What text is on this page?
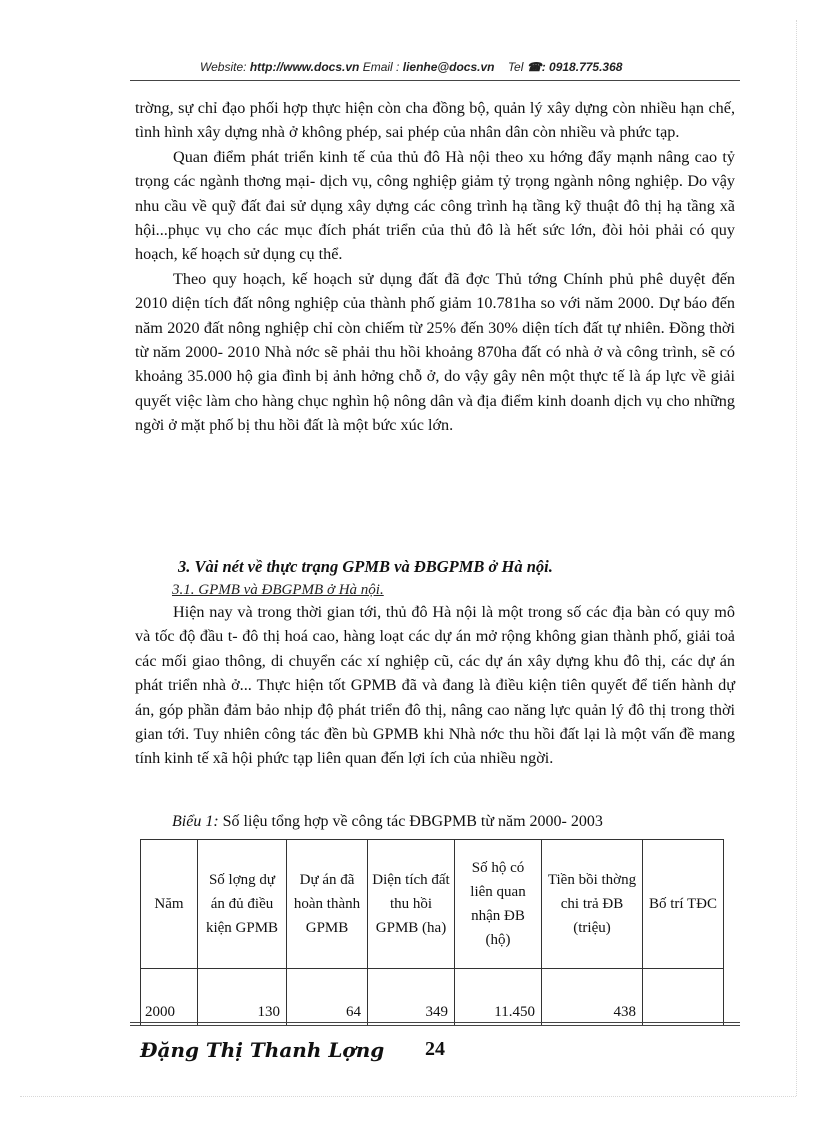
Website: http://www.docs.vn Email : lienhe@docs.vn Tel ☎: 0918.775.368

trờng, sự chỉ đạo phối hợp thực hiện còn cha đồng bộ, quản lý xây dựng còn nhiều hạn chế, tình hình xây dựng nhà ở không phép, sai phép của nhân dân còn nhiều và phức tạp.

Quan điểm phát triển kinh tế của thủ đô Hà nội theo xu hớng đẩy mạnh nâng cao tỷ trọng các ngành thơng mại- dịch vụ, công nghiệp giảm tỷ trọng ngành nông nghiệp. Do vậy nhu cầu về quỹ đất đai sử dụng xây dựng các công trình hạ tầng kỹ thuật đô thị hạ tầng xã hội...phục vụ cho các mục đích phát triển của thủ đô là hết sức lớn, đòi hỏi phải có quy hoạch, kế hoạch sử dụng cụ thể.

Theo quy hoạch, kế hoạch sử dụng đất đã đợc Thủ tớng Chính phủ phê duyệt đến 2010 diện tích đất nông nghiệp của thành phố giảm 10.781ha so với năm 2000. Dự báo đến năm 2020 đất nông nghiệp chỉ còn chiếm từ 25% đến 30% diện tích đất tự nhiên. Đồng thời từ năm 2000- 2010 Nhà nớc sẽ phải thu hồi khoảng 870ha đất có nhà ở và công trình, sẽ có khoảng 35.000 hộ gia đình bị ảnh hởng chỗ ở, do vậy gây nên một thực tế là áp lực về giải quyết việc làm cho hàng chục nghìn hộ nông dân và địa điểm kinh doanh dịch vụ cho những ngời ở mặt phố bị thu hồi đất là một bức xúc lớn.

3. Vài nét về thực trạng GPMB và ĐBGPMB ở Hà nội.
3.1. GPMB và ĐBGPMB ở Hà nội.

Hiện nay và trong thời gian tới, thủ đô Hà nội là một trong số các địa bàn có quy mô và tốc độ đầu t- đô thị hoá cao, hàng loạt các dự án mở rộng không gian thành phố, giải toả các mối giao thông, di chuyển các xí nghiệp cũ, các dự án xây dựng khu đô thị, các dự án phát triển nhà ở... Thực hiện tốt GPMB đã và đang là điều kiện tiên quyết để tiến hành dự án, góp phần đảm bảo nhịp độ phát triển đô thị, nâng cao năng lực quản lý đô thị trong thời gian tới. Tuy nhiên công tác đền bù GPMB khi Nhà nớc thu hồi đất lại là một vấn đề mang tính kinh tế xã hội phức tạp liên quan đến lợi ích của nhiều ngời.

Biểu 1: Số liệu tổng hợp về công tác ĐBGPMB từ năm 2000- 2003
Năm	Số lợng dự án đủ điều kiện GPMB	Dự án đã hoàn thành GPMB	Diện tích đất thu hồi GPMB (ha)	Số hộ có liên quan nhận ĐB (hộ)	Tiền bồi thờng chi trả ĐB (triệu)	Bố trí TĐC
2000	130	64	349	11.450	438	
Đặng Thị Thanh Lợng 24
